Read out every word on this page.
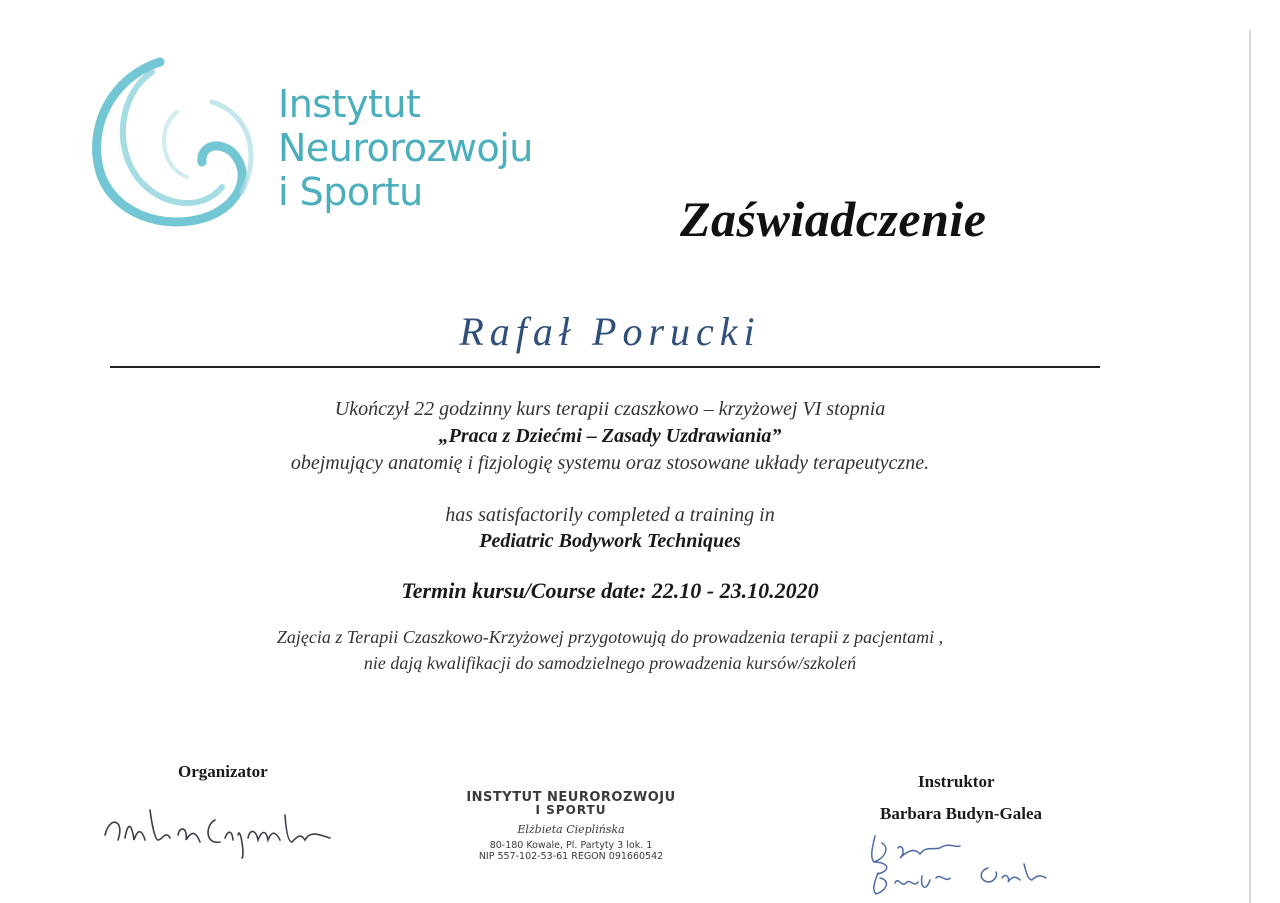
Instytut
Neurorozwoju
i Sportu	Zaświadczenie
Rafał Porucki
Ukończył 22 godzinny kurs terapii czaszkowo – krzyżowej VI stopnia
„Praca z Dziećmi – Zasady Uzdrawiania”
obejmujący anatomię i fizjologię systemu oraz stosowane układy terapeutyczne.
has satisfactorily completed a training in
Pediatric Bodywork Techniques
Termin kursu/Course date: 22.10 - 23.10.2020
Zajęcia z Terapii Czaszkowo-Krzyżowej przygotowują do prowadzenia terapii z pacjentami ,
nie dają kwalifikacji do samodzielnego prowadzenia kursów/szkoleń
Organizator
INSTYTUT NEUROROZWOJU
I SPORTU
Elżbieta Cieplińska
80-180 Kowale, Pl. Partyty 3 lok. 1
NIP 557-102-53-61 REGON 091660542
Instruktor
Barbara Budyn-Galea
